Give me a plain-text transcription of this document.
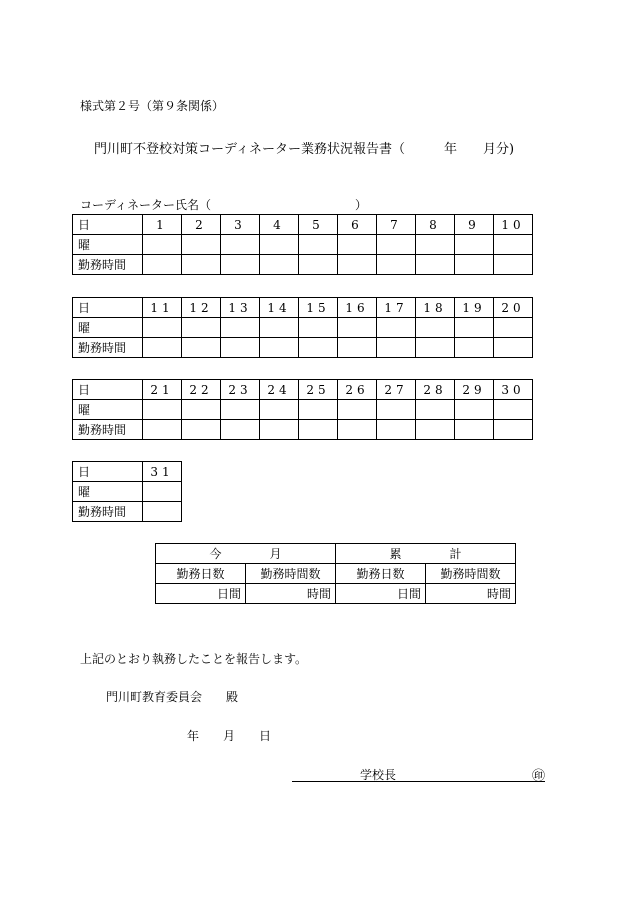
様式第２号（第９条関係）
門川町不登校対策コーディネーター業務状況報告書（　　　年　　月分)
コーディネーター氏名（　　　　　　　　　　　　）
日	1	2	3	4	5	6	7	8	9	10
曜										
勤務時間										
日	11	12	13	14	15	16	17	18	19	20
曜										
勤務時間										
日	21	22	23	24	25	26	27	28	29	30
曜										
勤務時間										
日	31
曜	
勤務時間	
今　　　　月		累　　　　計	
勤務日数	勤務時間数	勤務日数	勤務時間数
日間	時間	日間	時間
上記のとおり執務したことを報告します。
門川町教育委員会　　殿
年　　月　　日
学校長	㊞
